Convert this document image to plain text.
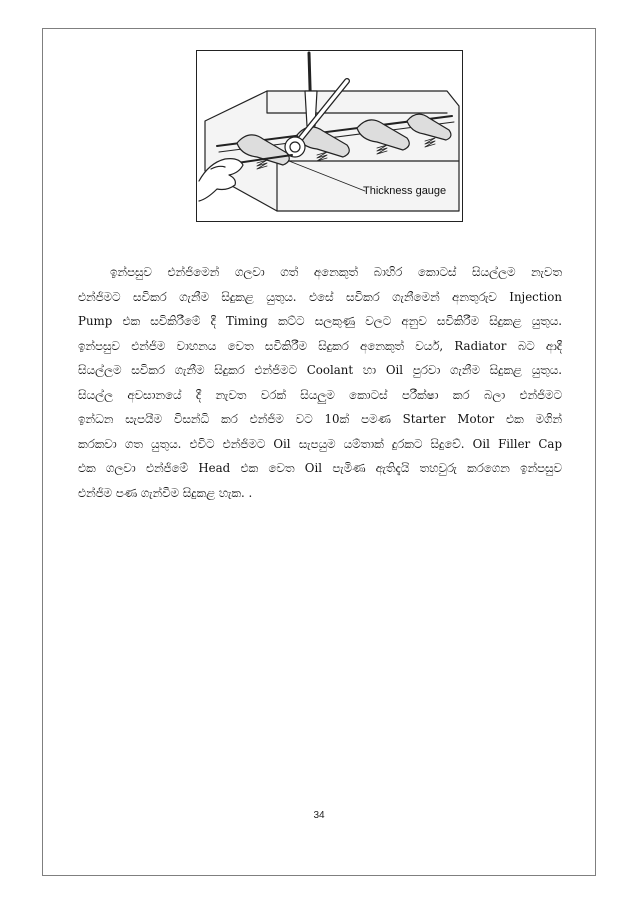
Thickness gauge
ඉන්පසුව එන්ජිමෙන් ගලවා ගත් අනෙකුත් බාහිර කොටස් සියල්ලම නැවත
එන්ජිමට සවිකර ගැනීම සිදුකළ යුතුය. එසේ සවිකර ගැනීමෙන් අනතුරුව Injection
Pump එක සවිකිරීමේ දී Timing කට්ට සලකුණු වලට අනුව සවිකිරීම සිදුකළ යුතුය.
ඉන්පසුව එන්ජිම වාහනය වෙත සවිකිරීම සිදුකර අනෙකුත් වයර්, Radiator බට ආදී
සියල්ලම සවිකර ගැනීම සිදුකර එන්ජිමට Coolant හා Oil පුරවා ගැනීම සිදුකළ යුතුය.
සියල්ල අවසානයේ දී නැවත වරක් සියලුම කොටස් පරීක්ෂා කර බලා එන්ජිමට
ඉන්ධන සැපයීම විසන්ධි කර එන්ජිම වට 10ක් පමණ Starter Motor එක මගින්
කරකවා ගත යුතුය. එවිට එන්ජිමට Oil සැපයුම යම්තාක් දුරකට සිදුවේ. Oil Filler Cap
එක ගලවා එන්ජිමේ Head එක වෙත Oil පැමිණ ඇතිදැයි තහවුරු කරගෙන ඉන්පසුව
එන්ජිම පණ ගැන්වීම සිදුකළ හැක. .
34
